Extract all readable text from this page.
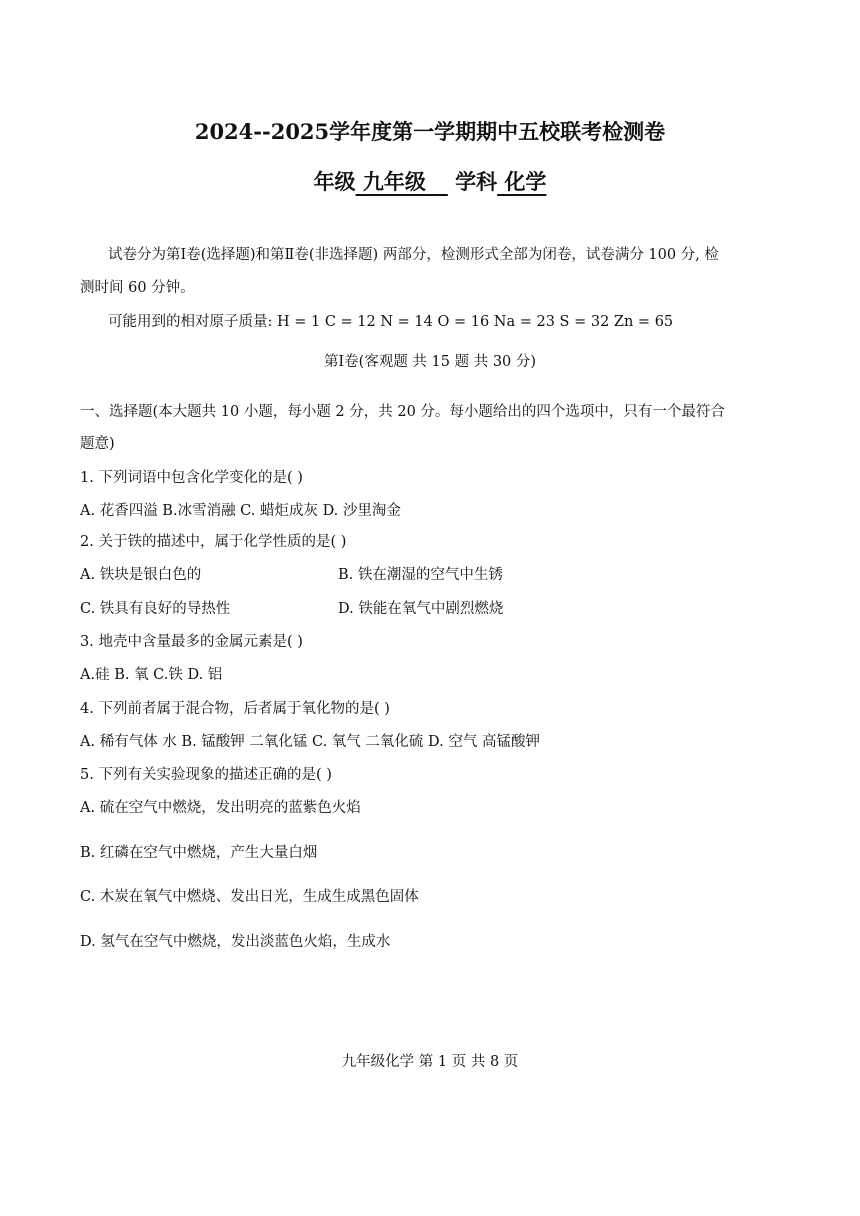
2024--2025学年度第一学期期中五校联考检测卷
年级 九年级 学科 化学
试卷分为第Ⅰ卷(选择题)和第Ⅱ卷(非选择题) 两部分，检测形式全部为闭卷，试卷满分 100 分, 检
测时间 60 分钟。
可能用到的相对原子质量: H = 1 C = 12 N = 14 O = 16 Na = 23 S = 32 Zn = 65
第Ⅰ卷(客观题 共 15 题 共 30 分)
一、选择题(本大题共 10 小题，每小题 2 分，共 20 分。每小题给出的四个选项中，只有一个最符合
题意)
1. 下列词语中包含化学变化的是( )
A. 花香四溢 B.冰雪消融 C. 蜡炬成灰 D. 沙里淘金
2. 关于铁的描述中，属于化学性质的是( )
A. 铁块是银白色的	B. 铁在潮湿的空气中生锈
C. 铁具有良好的导热性	D. 铁能在氧气中剧烈燃烧
3. 地壳中含量最多的金属元素是( )
A.硅 B. 氧 C.铁 D. 铝
4. 下列前者属于混合物，后者属于氧化物的是( )
A. 稀有气体 水 B. 锰酸钾 二氧化锰 C. 氧气 二氧化硫 D. 空气 高锰酸钾
5. 下列有关实验现象的描述正确的是( )
A. 硫在空气中燃烧，发出明亮的蓝紫色火焰
B. 红磷在空气中燃烧，产生大量白烟
C. 木炭在氧气中燃烧、发出日光，生成生成黑色固体
D. 氢气在空气中燃烧，发出淡蓝色火焰，生成水
九年级化学 第 1 页 共 8 页
